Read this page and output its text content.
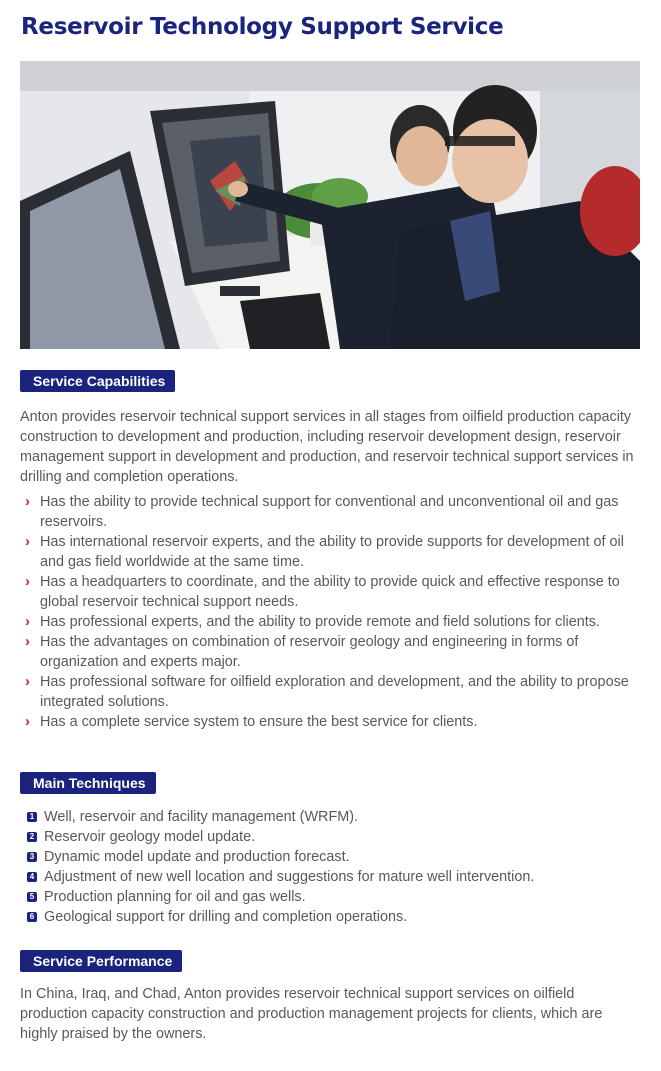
Reservoir Technology Support Service
Service Capabilities

Anton provides reservoir technical support services in all stages from oilfield production capacity construction to development and production, including reservoir development design, reservoir management support in development and production, and reservoir technical support services in drilling and completion operations.

› Has the ability to provide technical support for conventional and unconventional oil and gas reservoirs.
› Has international reservoir experts, and the ability to provide supports for development of oil and gas field worldwide at the same time.
› Has a headquarters to coordinate, and the ability to provide quick and effective response to global reservoir technical support needs.
› Has professional experts, and the ability to provide remote and field solutions for clients.
› Has the advantages on combination of reservoir geology and engineering in forms of organization and experts major.
› Has professional software for oilfield exploration and development, and the ability to propose integrated solutions.
› Has a complete service system to ensure the best service for clients.
Main Techniques
1 Well, reservoir and facility management (WRFM).
2 Reservoir geology model update.
3 Dynamic model update and production forecast.
4 Adjustment of new well location and suggestions for mature well intervention.
5 Production planning for oil and gas wells.
6 Geological support for drilling and completion operations.
Service Performance

In China, Iraq, and Chad, Anton provides reservoir technical support services on oilfield production capacity construction and production management projects for clients, which are highly praised by the owners.
